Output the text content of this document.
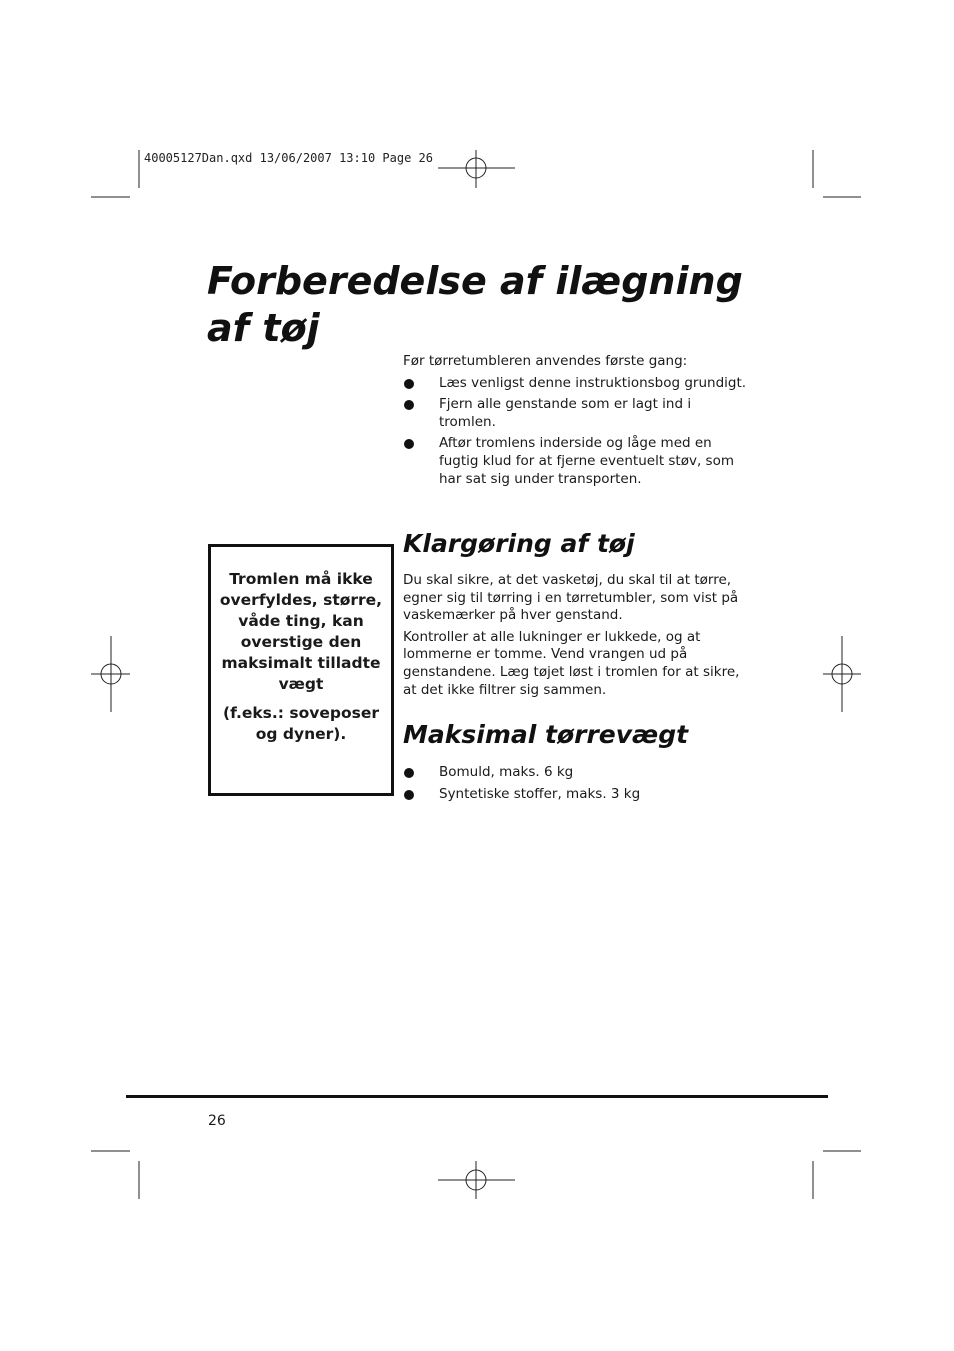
40005127Dan.qxd 13/06/2007 13:10 Page 26
Forberedelse af ilægning af tøj

Før tørretumbleren anvendes første gang:

Læs venligst denne instruktionsbog grundigt.
Fjern alle genstande som er lagt ind i tromlen.
Aftør tromlens inderside og låge med en fugtig klud for at fjerne eventuelt støv, som har sat sig under transporten.
Klargøring af tøj

Du skal sikre, at det vasketøj, du skal til at tørre, egner sig til tørring i en tørretumbler, som vist på vaskemærker på hver genstand.

Kontroller at alle lukninger er lukkede, og at lommerne er tomme. Vend vrangen ud på genstandene. Læg tøjet løst i tromlen for at sikre, at det ikke filtrer sig sammen.

Maksimal tørrevægt
Bomuld, maks. 6 kg
Syntetiske stoffer, maks. 3 kg

Tromlen må ikke overfyldes, større, våde ting, kan overstige den maksimalt tilladte vægt

(f.eks.: soveposer og dyner).

26
